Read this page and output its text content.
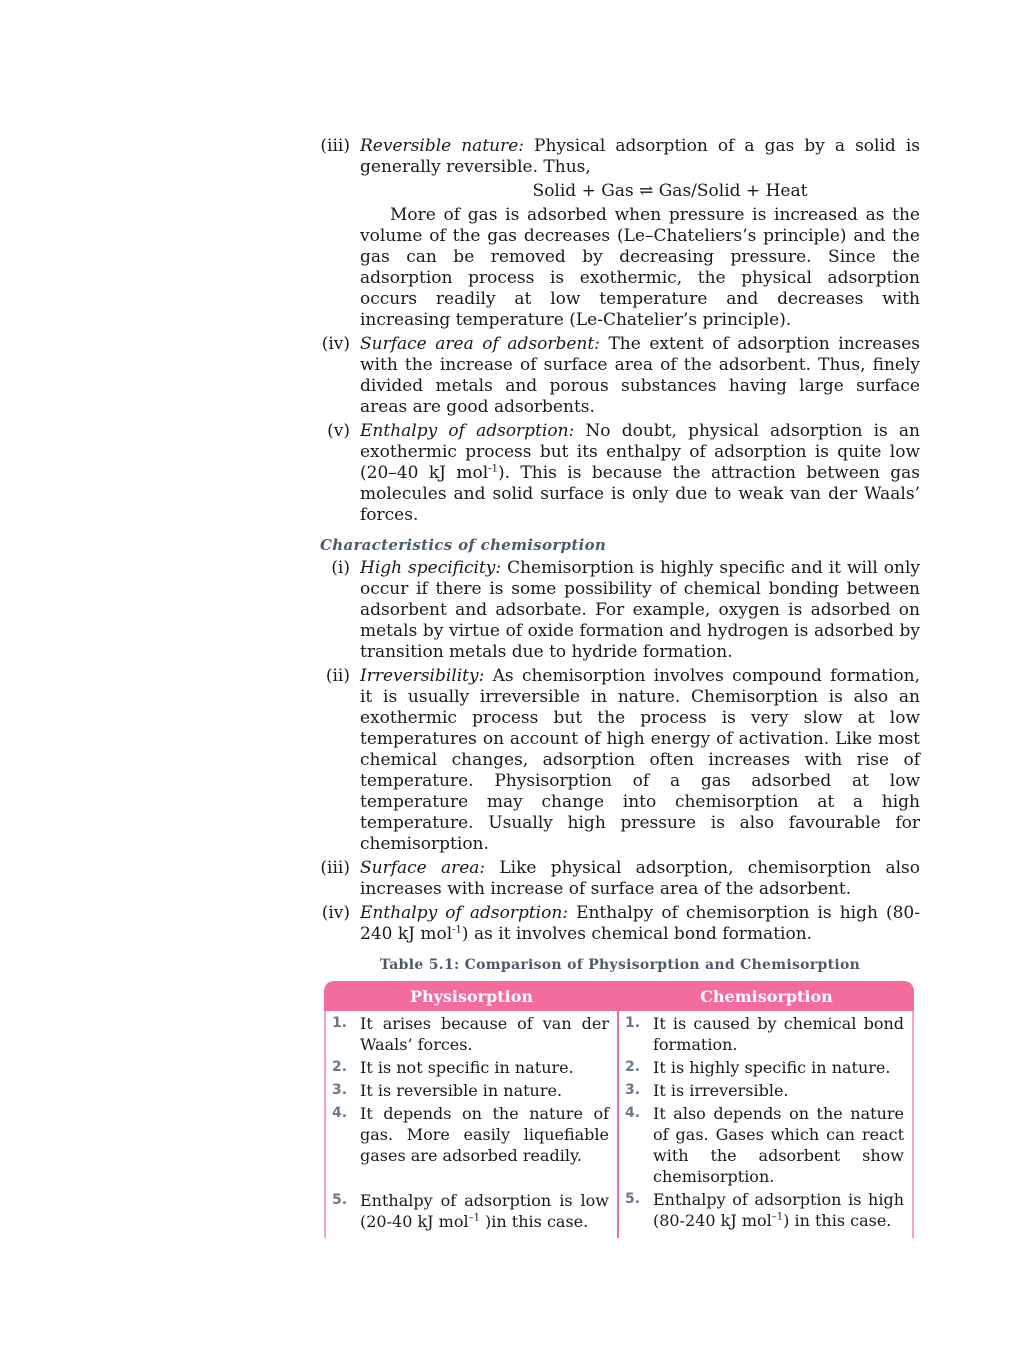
(iii) Reversible nature: Physical adsorption of a gas by a solid is generally reversible. Thus,
Solid + Gas ⇌ Gas/Solid + Heat
More of gas is adsorbed when pressure is increased as the volume of the gas decreases (Le–Chateliers’s principle) and the gas can be removed by decreasing pressure. Since the adsorption process is exothermic, the physical adsorption occurs readily at low temperature and decreases with increasing temperature (Le-Chatelier’s principle).
(iv) Surface area of adsorbent: The extent of adsorption increases with the increase of surface area of the adsorbent. Thus, finely divided metals and porous substances having large surface areas are good adsorbents.
(v) Enthalpy of adsorption: No doubt, physical adsorption is an exothermic process but its enthalpy of adsorption is quite low (20–40 kJ mol$^{-1}$). This is because the attraction between gas molecules and solid surface is only due to weak van der Waals’ forces.
Characteristics of chemisorption
(i) High specificity: Chemisorption is highly specific and it will only occur if there is some possibility of chemical bonding between adsorbent and adsorbate. For example, oxygen is adsorbed on metals by virtue of oxide formation and hydrogen is adsorbed by transition metals due to hydride formation.
(ii) Irreversibility: As chemisorption involves compound formation, it is usually irreversible in nature. Chemisorption is also an exothermic process but the process is very slow at low temperatures on account of high energy of activation. Like most chemical changes, adsorption often increases with rise of temperature. Physisorption of a gas adsorbed at low temperature may change into chemisorption at a high temperature. Usually high pressure is also favourable for chemisorption.
(iii) Surface area: Like physical adsorption, chemisorption also increases with increase of surface area of the adsorbent.
(iv) Enthalpy of adsorption: Enthalpy of chemisorption is high (80-240 kJ mol$^{-1}$) as it involves chemical bond formation.
Table 5.1: Comparison of Physisorption and Chemisorption
Physisorption	Chemisorption
1. It arises because of van der Waals’ forces.
2. It is not specific in nature.
3. It is reversible in nature.
4. It depends on the nature of gas. More easily liquefiable gases are adsorbed readily.
5. Enthalpy of adsorption is low (20-40 kJ mol$^{-1}$ )in this case.
1. It is caused by chemical bond formation.
2. It is highly specific in nature.
3. It is irreversible.
4. It also depends on the nature of gas. Gases which can react with the adsorbent show chemisorption.
5. Enthalpy of adsorption is high (80-240 kJ mol$^{-1}$) in this case.
